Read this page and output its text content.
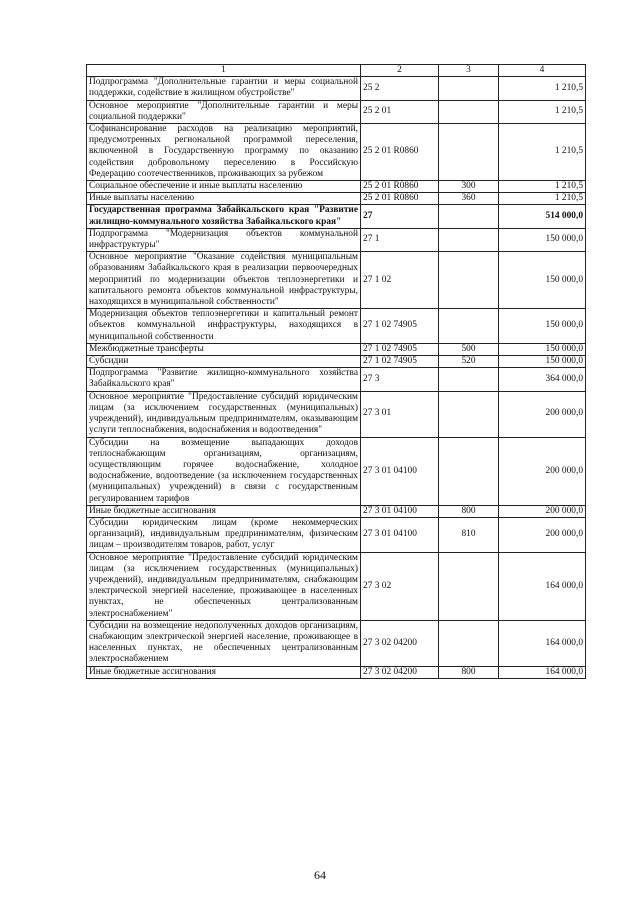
1	2	3	4
Подпрограмма "Дополнительные гарантии и меры социальной поддержки, содействие в жилищном обустройстве"	25 2		1 210,5
Основное мероприятие "Дополнительные гарантии и меры социальной поддержки"	25 2 01		1 210,5
Софинансирование расходов на реализацию мероприятий, предусмотренных региональной программой переселения, включенной в Государственную программу по оказанию содействия добровольному переселению в Российскую Федерацию соотечественников, проживающих за рубежом	25 2 01 R0860		1 210,5
Социальное обеспечение и иные выплаты населению	25 2 01 R0860	300	1 210,5
Иные выплаты населению	25 2 01 R0860	360	1 210,5
Государственная программа Забайкальского края "Развитие жилищно-коммунального хозяйства Забайкальского края"	27		514 000,0
Подпрограмма "Модернизация объектов коммунальной инфраструктуры"	27 1		150 000,0
Основное мероприятие "Оказание содействия муниципальным образованиям Забайкальского края в реализации первоочередных мероприятий по модернизации объектов теплоэнергетики и капитального ремонта объектов коммунальной инфраструктуры, находящихся в муниципальной собственности"	27 1 02		150 000,0
Модернизация объектов теплоэнергетики и капитальный ремонт объектов коммунальной инфраструктуры, находящихся в муниципальной собственности	27 1 02 74905		150 000,0
Межбюджетные трансферты	27 1 02 74905	500	150 000,0
Субсидии	27 1 02 74905	520	150 000,0
Подпрограмма "Развитие жилищно-коммунального хозяйства Забайкальского края"	27 3		364 000,0
Основное мероприятие "Предоставление субсидий юридическим лицам (за исключением государственных (муниципальных) учреждений), индивидуальным предпринимателям, оказывающим услуги теплоснабжения, водоснабжения и водоотведения"	27 3 01		200 000,0
Субсидии на возмещение выпадающих доходов теплоснабжающим организациям, организациям, осуществляющим горячее водоснабжение, холодное водоснабжение, водоотведение (за исключением государственных (муниципальных) учреждений) в связи с государственным регулированием тарифов	27 3 01 04100		200 000,0
Иные бюджетные ассигнования	27 3 01 04100	800	200 000,0
Субсидии юридическим лицам (кроме некоммерческих организаций), индивидуальным предпринимателям, физическим лицам – производителям товаров, работ, услуг	27 3 01 04100	810	200 000,0
Основное мероприятие "Предоставление субсидий юридическим лицам (за исключением государственных (муниципальных) учреждений), индивидуальным предпринимателям, снабжающим электрической энергией население, проживающее в населенных пунктах, не обеспеченных централизованным электроснабжением"	27 3 02		164 000,0
Субсидии на возмещение недополученных доходов организациям, снабжающим электрической энергией население, проживающее в населенных пунктах, не обеспеченных централизованным электроснабжением	27 3 02 04200		164 000,0
Иные бюджетные ассигнования	27 3 02 04200	800	164 000,0
64
